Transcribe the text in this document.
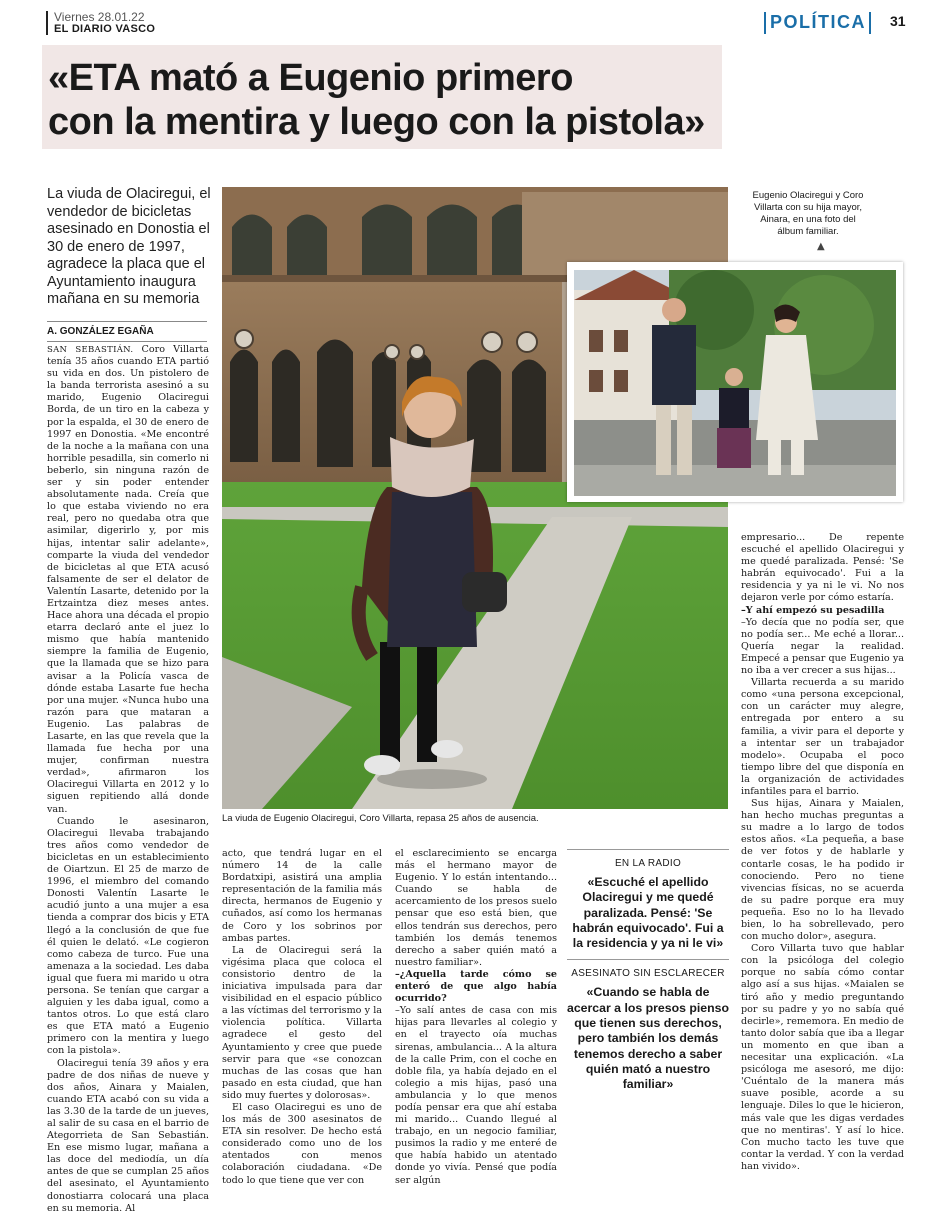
Viernes 28.01.22
EL DIARIO VASCO	POLÍTICA 31
«ETA mató a Eugenio primero
con la mentira y luego con la pistola»
La viuda de Olaciregui, el vendedor de bicicletas asesinado en Donostia el 30 de enero de 1997, agradece la placa que el Ayuntamiento inaugura mañana en su memoria
A. GONZÁLEZ EGAÑA

SAN SEBASTIÁN. Coro Villarta tenía 35 años cuando ETA partió su vida en dos. Un pistolero de la banda terrorista asesinó a su marido, Eugenio Olaciregui Borda, de un tiro en la cabeza y por la espalda, el 30 de enero de 1997 en Donostia. «Me encontré de la noche a la mañana con una horrible pesadilla, sin comerlo ni beberlo, sin ninguna razón de ser y sin poder entender absolutamente nada. Creía que lo que estaba viviendo no era real, pero no quedaba otra que asimilar, digerirlo y, por mis hijas, intentar salir adelante», comparte la viuda del vendedor de bicicletas al que ETA acusó falsamente de ser el delator de Valentín Lasarte, detenido por la Ertzaintza diez meses antes. Hace ahora una década el propio etarra declaró ante el juez lo mismo que había mantenido siempre la familia de Eugenio, que la llamada que se hizo para avisar a la Policía vasca de dónde estaba Lasarte fue hecha por una mujer. «Nunca hubo una razón para que mataran a Eugenio. Las palabras de Lasarte, en las que revela que la llamada fue hecha por una mujer, confirman nuestra verdad», afirmaron los Olaciregui Villarta en 2012 y lo siguen repitiendo allá donde van.

Cuando le asesinaron, Olaciregui llevaba trabajando tres años como vendedor de bicicletas en un establecimiento de Oiartzun. El 25 de marzo de 1996, el miembro del comando Donosti Valentín Lasarte le acudió junto a una mujer a esa tienda a comprar dos bicis y ETA llegó a la conclusión de que fue él quien le delató. «Le cogieron como cabeza de turco. Fue una amenaza a la sociedad. Les daba igual que fuera mi marido u otra persona. Se tenían que cargar a alguien y les daba igual, como a tantos otros. Lo que está claro es que ETA mató a Eugenio primero con la mentira y luego con la pistola».

Olaciregui tenía 39 años y era padre de dos niñas de nueve y dos años, Ainara y Maialen, cuando ETA acabó con su vida a las 3.30 de la tarde de un jueves, al salir de su casa en el barrio de Ategorrieta de San Sebastián. En ese mismo lugar, mañana a las doce del mediodía, un día antes de que se cumplan 25 años del asesinato, el Ayuntamiento donostiarra colocará una placa en su memoria. Al

La viuda de Eugenio Olaciregui, Coro Villarta, repasa 25 años de ausencia.
Eugenio Olaciregui y Coro Villarta con su hija mayor, Ainara, en una foto del álbum familiar.
▲

acto, que tendrá lugar en el número 14 de la calle Bordatxipi, asistirá una amplia representación de la familia más directa, hermanos de Eugenio y cuñados, así como los hermanas de Coro y los sobrinos por ambas partes.

La de Olaciregui será la vigésima placa que coloca el consistorio dentro de la iniciativa impulsada para dar visibilidad en el espacio público a las víctimas del terrorismo y la violencia política. Villarta agradece el gesto del Ayuntamiento y cree que puede servir para que «se conozcan muchas de las cosas que han pasado en esta ciudad, que han sido muy fuertes y dolorosas».

El caso Olaciregui es uno de los más de 300 asesinatos de ETA sin resolver. De hecho está considerado como uno de los atentados con menos colaboración ciudadana. «De todo lo que tiene que ver con

el esclarecimiento se encarga más el hermano mayor de Eugenio. Y lo están intentando... Cuando se habla de acercamiento de los presos suelo pensar que eso está bien, que ellos tendrán sus derechos, pero también los demás tenemos derecho a saber quién mató a nuestro familiar».

–¿Aquella tarde cómo se enteró de que algo había ocurrido?

–Yo salí antes de casa con mis hijas para llevarles al colegio y en el trayecto oía muchas sirenas, ambulancia... A la altura de la calle Prim, con el coche en doble fila, ya había dejado en el colegio a mis hijas, pasó una ambulancia y lo que menos podía pensar era que ahí estaba mi marido... Cuando llegué al trabajo, en un negocio familiar, pusimos la radio y me enteré de que había habido un atentado donde yo vivía. Pensé que podía ser algún

EN LA RADIO
«Escuché el apellido Olaciregui y me quedé paralizada. Pensé: 'Se habrán equivocado'. Fui a la residencia y ya ni le vi»
ASESINATO SIN ESCLARECER
«Cuando se habla de acercar a los presos pienso que tienen sus derechos, pero también los demás tenemos derecho a saber quién mató a nuestro familiar»

empresario... De repente escuché el apellido Olaciregui y me quedé paralizada. Pensé: 'Se habrán equivocado'. Fui a la residencia y ya ni le vi. No nos dejaron verle por cómo estaría.

–Y ahí empezó su pesadilla

–Yo decía que no podía ser, que no podía ser... Me eché a llorar... Quería negar la realidad. Empecé a pensar que Eugenio ya no iba a ver crecer a sus hijas...

Villarta recuerda a su marido como «una persona excepcional, con un carácter muy alegre, entregada por entero a su familia, a vivir para el deporte y a intentar ser un trabajador modelo». Ocupaba el poco tiempo libre del que disponía en la organización de actividades infantiles para el barrio.

Sus hijas, Ainara y Maialen, han hecho muchas preguntas a su madre a lo largo de todos estos años. «La pequeña, a base de ver fotos y de hablarle y contarle cosas, le ha podido ir conociendo. Pero no tiene vivencias físicas, no se acuerda de su padre porque era muy pequeña. Eso no lo ha llevado bien, lo ha sobrellevado, pero con mucho dolor», asegura.

Coro Villarta tuvo que hablar con la psicóloga del colegio porque no sabía cómo contar algo así a sus hijas. «Maialen se tiró año y medio preguntando por su padre y yo no sabía qué decirle», rememora. En medio de tanto dolor sabía que iba a llegar un momento en que iban a necesitar una explicación. «La psicóloga me asesoró, me dijo: 'Cuéntalo de la manera más suave posible, acorde a su lenguaje. Diles lo que le hicieron, más vale que les digas verdades que no mentiras'. Y así lo hice. Con mucho tacto les tuve que contar la verdad. Y con la verdad han vivido».
